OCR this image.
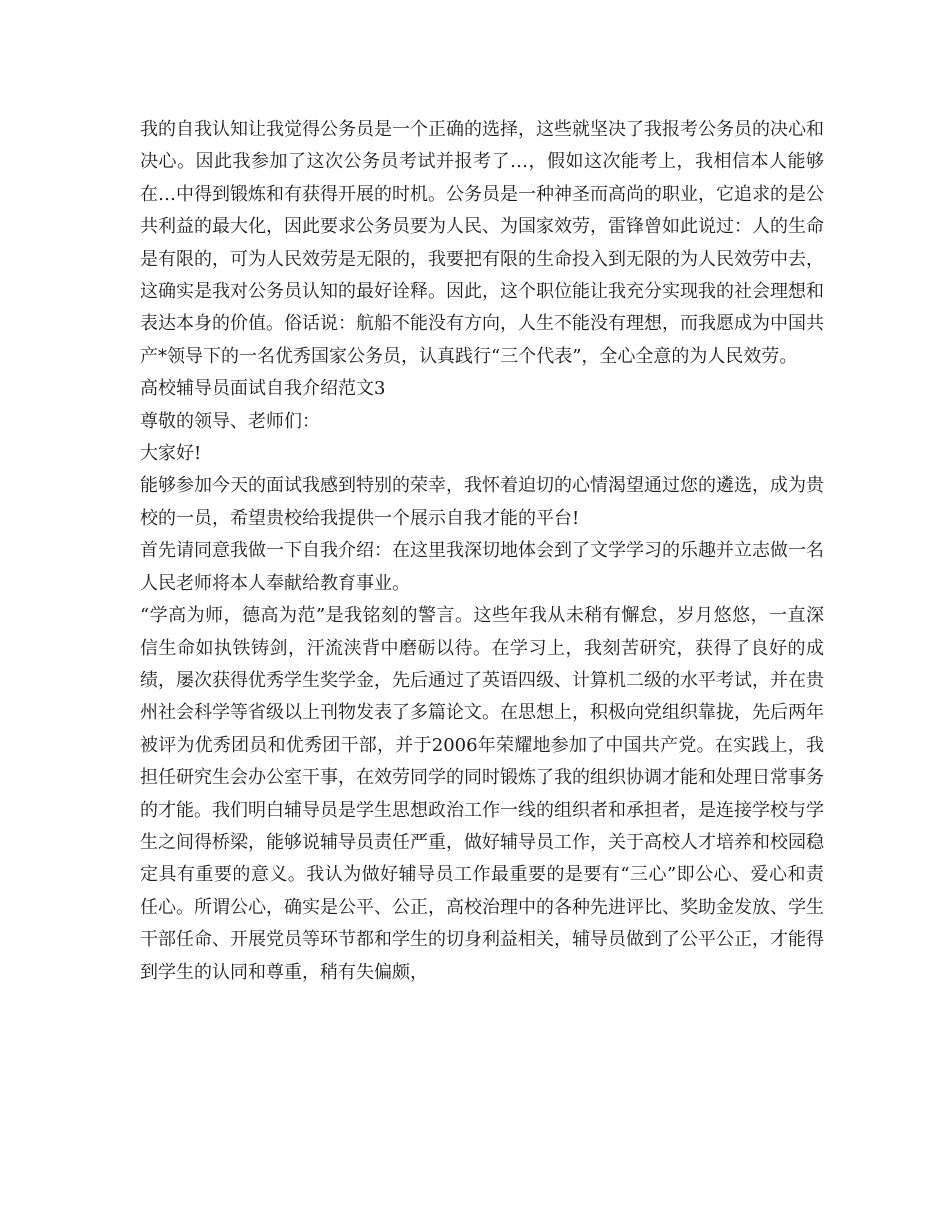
我的自我认知让我觉得公务员是一个正确的选择，这些就坚决了我报考公务员的决心和决心。因此我参加了这次公务员考试并报考了…，假如这次能考上，我相信本人能够在…中得到锻炼和有获得开展的时机。公务员是一种神圣而高尚的职业，它追求的是公共利益的最大化，因此要求公务员要为人民、为国家效劳，雷锋曾如此说过：人的生命是有限的，可为人民效劳是无限的，我要把有限的生命投入到无限的为人民效劳中去，这确实是我对公务员认知的最好诠释。因此，这个职位能让我充分实现我的社会理想和表达本身的价值。俗话说：航船不能没有方向，人生不能没有理想，而我愿成为中国共产*领导下的一名优秀国家公务员，认真践行“三个代表”，全心全意的为人民效劳。

高校辅导员面试自我介绍范文3

尊敬的领导、老师们：

大家好!

能够参加今天的面试我感到特别的荣幸，我怀着迫切的心情渴望通过您的遴选，成为贵校的一员，希望贵校给我提供一个展示自我才能的平台!

首先请同意我做一下自我介绍：在这里我深切地体会到了文学学习的乐趣并立志做一名人民老师将本人奉献给教育事业。

“学高为师，德高为范”是我铭刻的警言。这些年我从未稍有懈怠，岁月悠悠，一直深信生命如执铁铸剑，汗流浃背中磨砺以待。在学习上，我刻苦研究，获得了良好的成绩，屡次获得优秀学生奖学金，先后通过了英语四级、计算机二级的水平考试，并在贵州社会科学等省级以上刊物发表了多篇论文。在思想上，积极向党组织靠拢，先后两年被评为优秀团员和优秀团干部，并于2006年荣耀地参加了中国共产党。在实践上，我担任研究生会办公室干事，在效劳同学的同时锻炼了我的组织协调才能和处理日常事务的才能。我们明白辅导员是学生思想政治工作一线的组织者和承担者，是连接学校与学生之间得桥梁，能够说辅导员责任严重，做好辅导员工作，关于高校人才培养和校园稳定具有重要的意义。我认为做好辅导员工作最重要的是要有“三心”即公心、爱心和责任心。所谓公心，确实是公平、公正，高校治理中的各种先进评比、奖助金发放、学生干部任命、开展党员等环节都和学生的切身利益相关，辅导员做到了公平公正，才能得到学生的认同和尊重，稍有失偏颇，
